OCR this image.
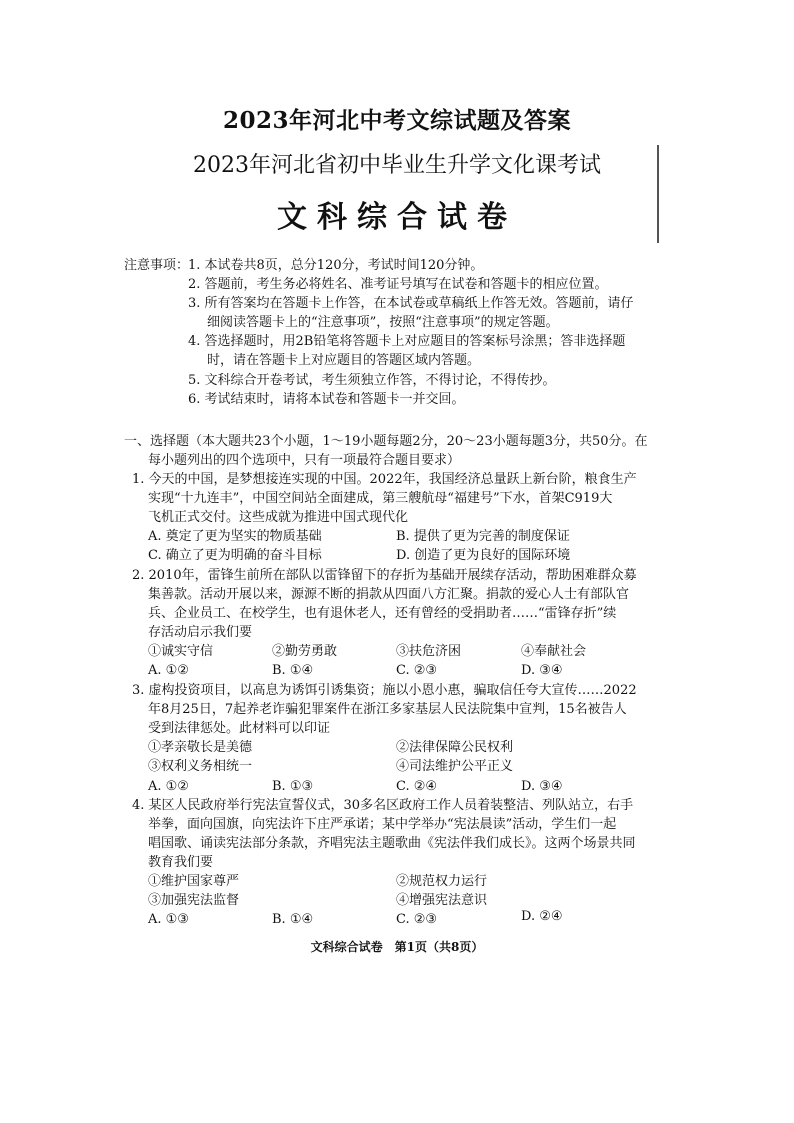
2023年河北中考文综试题及答案
2023年河北省初中毕业生升学文化课考试
文科综合试卷
注意事项：
1. 本试卷共8页，总分120分，考试时间120分钟。
2. 答题前，考生务必将姓名、准考证号填写在试卷和答题卡的相应位置。
3. 所有答案均在答题卡上作答，在本试卷或草稿纸上作答无效。答题前，请仔
细阅读答题卡上的“注意事项”，按照“注意事项”的规定答题。
4. 答选择题时，用2B铅笔将答题卡上对应题目的答案标号涂黑；答非选择题
时，请在答题卡上对应题目的答题区域内答题。
5. 文科综合开卷考试，考生须独立作答，不得讨论，不得传抄。
6. 考试结束时，请将本试卷和答题卡一并交回。
一、选择题（本大题共23个小题，1～19小题每题2分，20～23小题每题3分，共50分。在
每小题列出的四个选项中，只有一项最符合题目要求）
1. 今天的中国，是梦想接连实现的中国。2022年，我国经济总量跃上新台阶，粮食生产
实现“十九连丰”，中国空间站全面建成，第三艘航母“福建号”下水，首架C919大
飞机正式交付。这些成就为推进中国式现代化
A. 奠定了更为坚实的物质基础	B. 提供了更为完善的制度保证
C. 确立了更为明确的奋斗目标	D. 创造了更为良好的国际环境
2. 2010年，雷锋生前所在部队以雷锋留下的存折为基础开展续存活动，帮助困难群众募
集善款。活动开展以来，源源不断的捐款从四面八方汇聚。捐款的爱心人士有部队官
兵、企业员工、在校学生，也有退休老人，还有曾经的受捐助者……“雷锋存折”续
存活动启示我们要
①诚实守信	②勤劳勇敢	③扶危济困	④奉献社会
A. ①②	B. ①④	C. ②③	D. ③④
3. 虚构投资项目，以高息为诱饵引诱集资；施以小恩小惠，骗取信任夸大宣传……2022
年8月25日，7起养老诈骗犯罪案件在浙江多家基层人民法院集中宣判，15名被告人
受到法律惩处。此材料可以印证
①孝亲敬长是美德	②法律保障公民权利
③权利义务相统一	④司法维护公平正义
A. ①②	B. ①③	C. ②④	D. ③④
4. 某区人民政府举行宪法宣誓仪式，30多名区政府工作人员着装整洁、列队站立，右手
举拳，面向国旗，向宪法许下庄严承诺；某中学举办“宪法晨读”活动，学生们一起
唱国歌、诵读宪法部分条款，齐唱宪法主题歌曲《宪法伴我们成长》。这两个场景共同
教育我们要
①维护国家尊严	②规范权力运行
③加强宪法监督	④增强宪法意识
A. ①③	B. ①④	C. ②③	D. ②④
文科综合试卷　第1页（共8页）
